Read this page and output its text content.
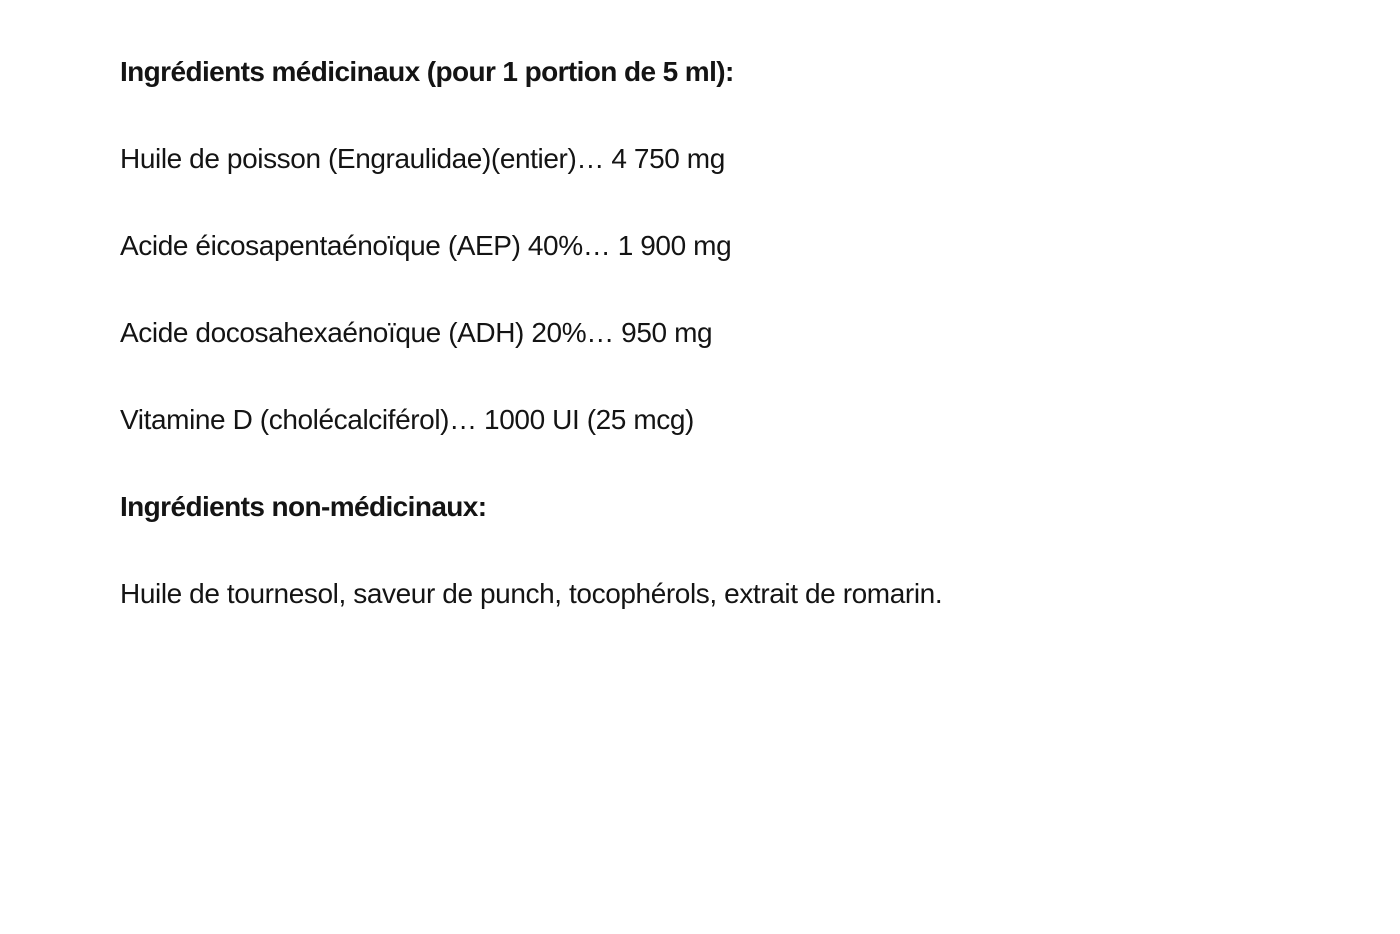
Ingrédients médicinaux (pour 1 portion de 5 ml):

Huile de poisson (Engraulidae)(entier)… 4 750 mg

Acide éicosapentaénoïque (AEP) 40%… 1 900 mg

Acide docosahexaénoïque (ADH) 20%… 950 mg

Vitamine D (cholécalciférol)… 1000 UI (25 mcg)

Ingrédients non-médicinaux:

Huile de tournesol, saveur de punch, tocophérols, extrait de romarin.
